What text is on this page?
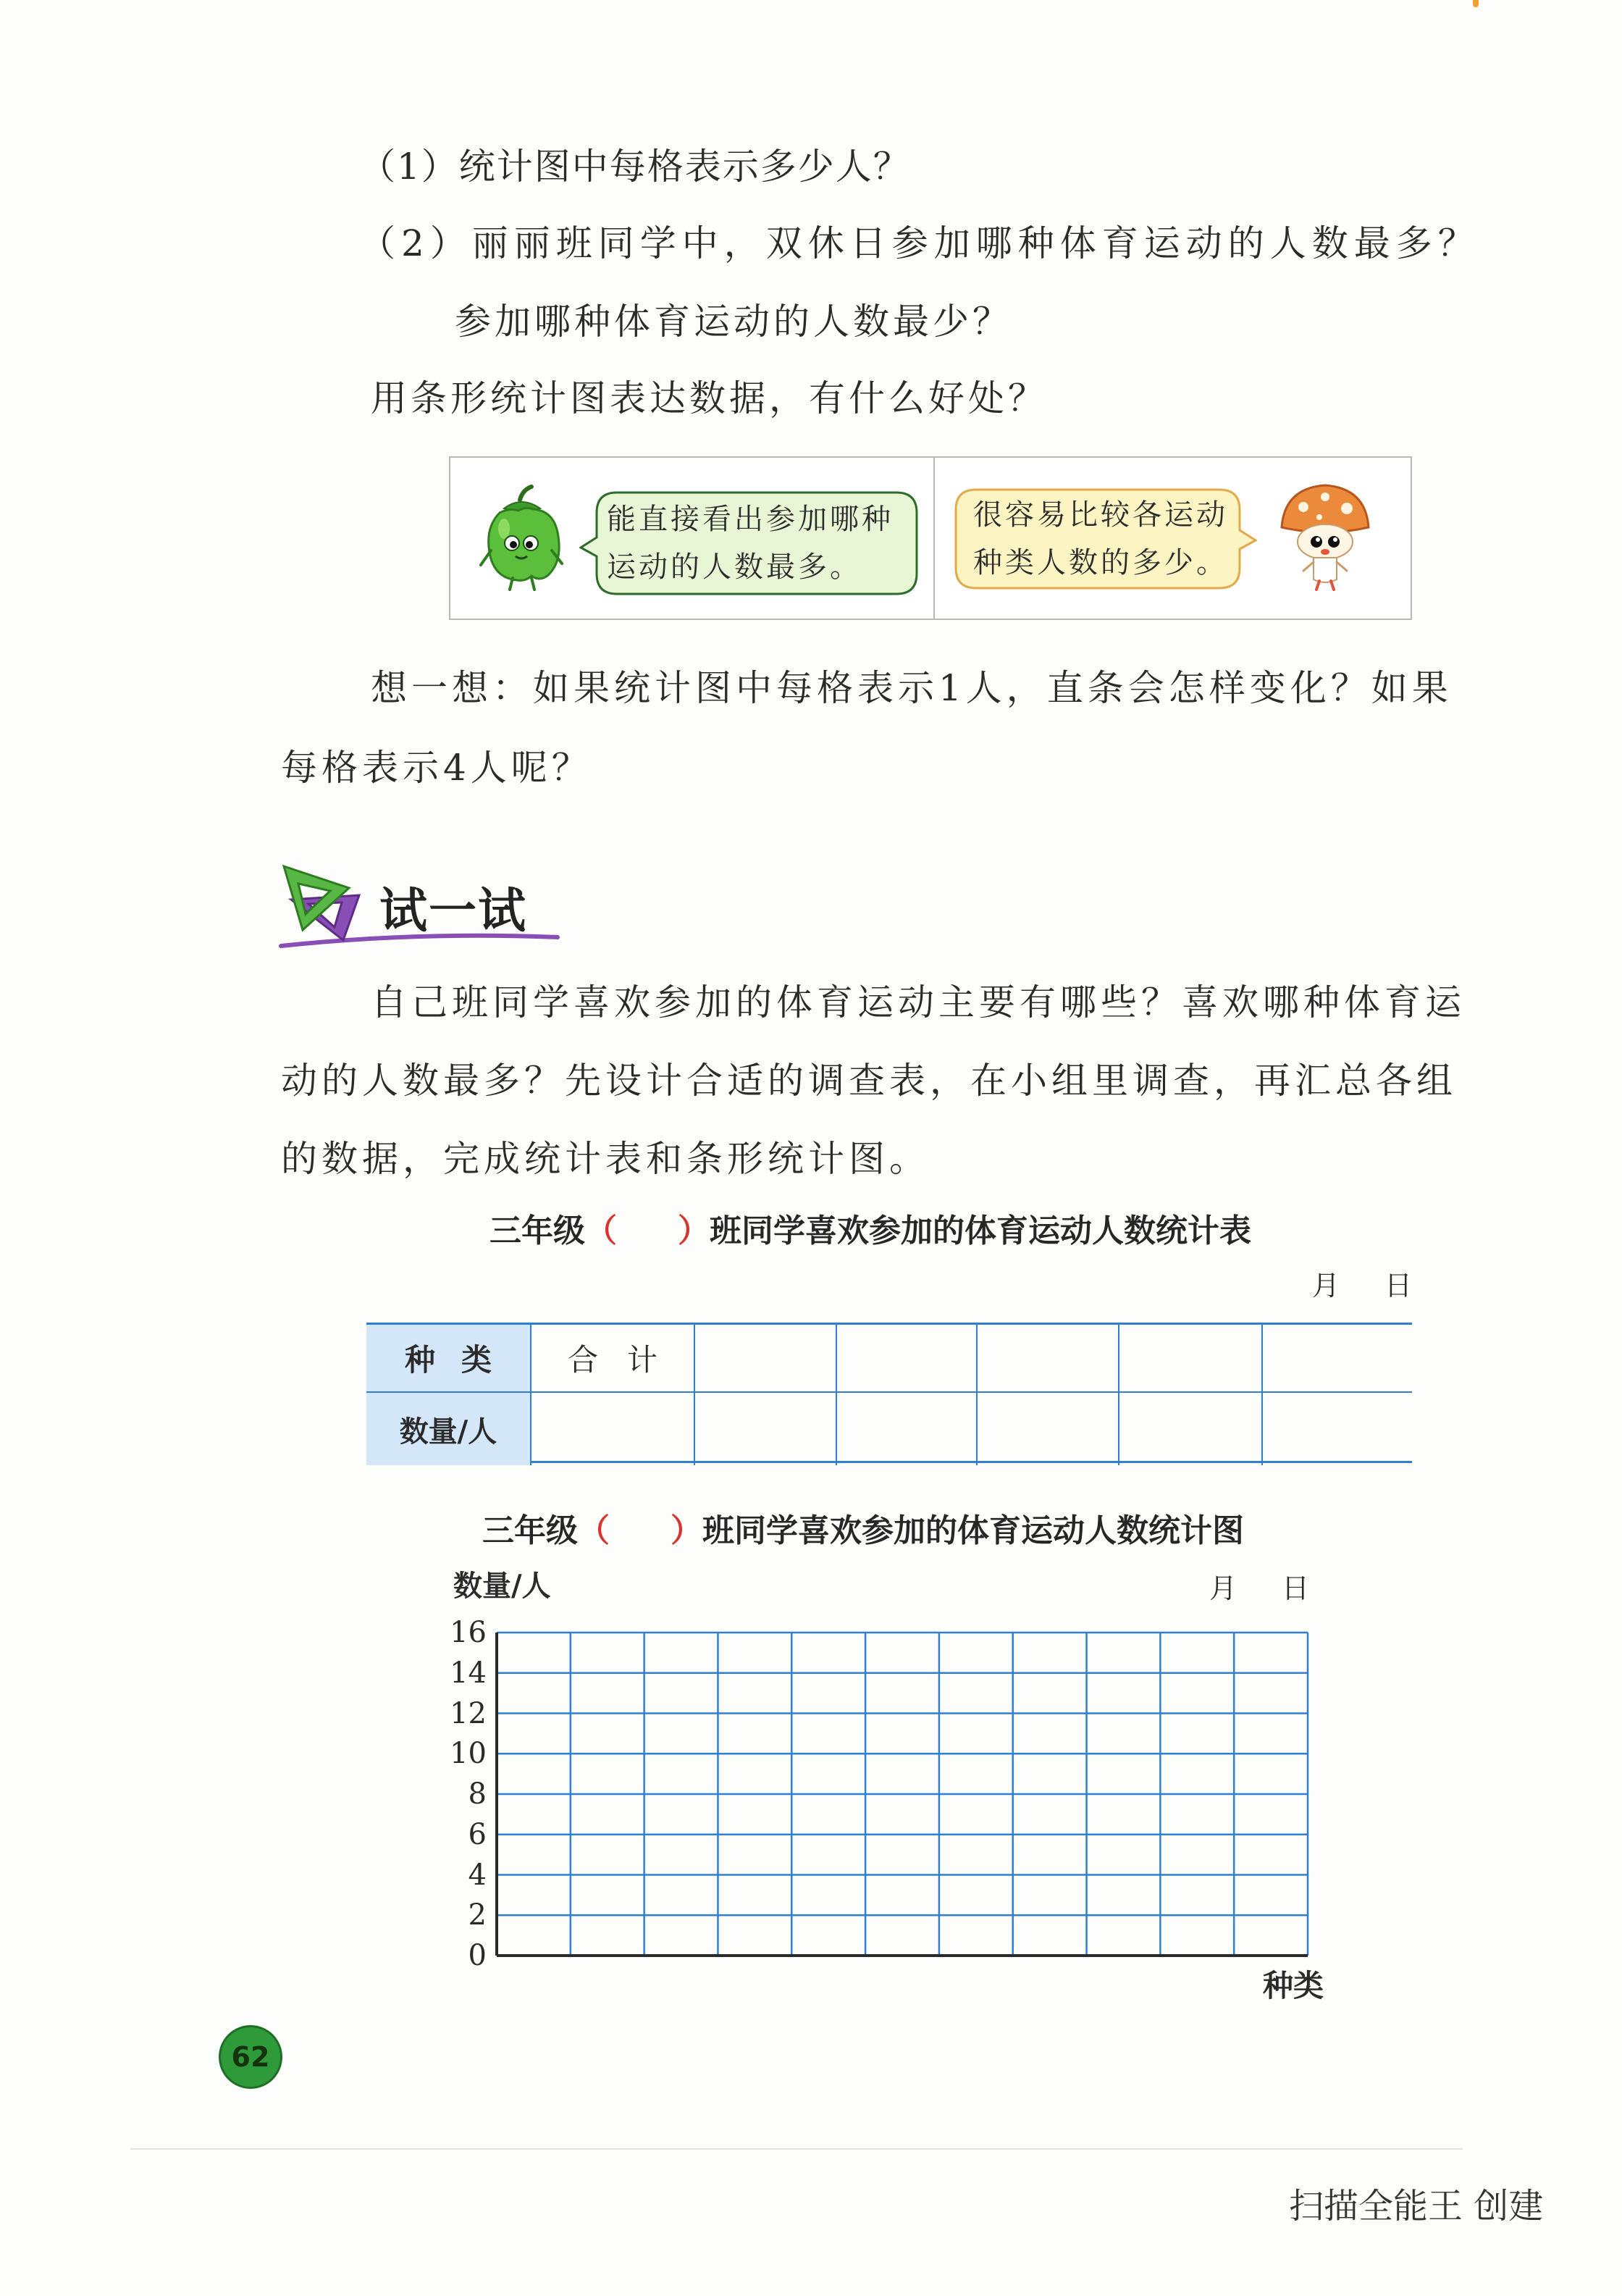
（1）统计图中每格表示多少人？
（2）丽丽班同学中，双休日参加哪种体育运动的人数最多？
参加哪种体育运动的人数最少？
用条形统计图表达数据，有什么好处？
能直接看出参加哪种
运动的人数最多。
很容易比较各运动
种类人数的多少。
想一想：如果统计图中每格表示1人，直条会怎样变化？如果
每格表示4人呢？
试一试
自己班同学喜欢参加的体育运动主要有哪些？喜欢哪种体育运
动的人数最多？先设计合适的调查表，在小组里调查，再汇总各组
的数据，完成统计表和条形统计图。
三年级（ ）班同学喜欢参加的体育运动人数统计表
月 日
种类	合计
数量/人
三年级（ ）班同学喜欢参加的体育运动人数统计图
数量/人	月 日
16
14
12
10
8
6
4
2
0
种类
62
扫描全能王 创建
